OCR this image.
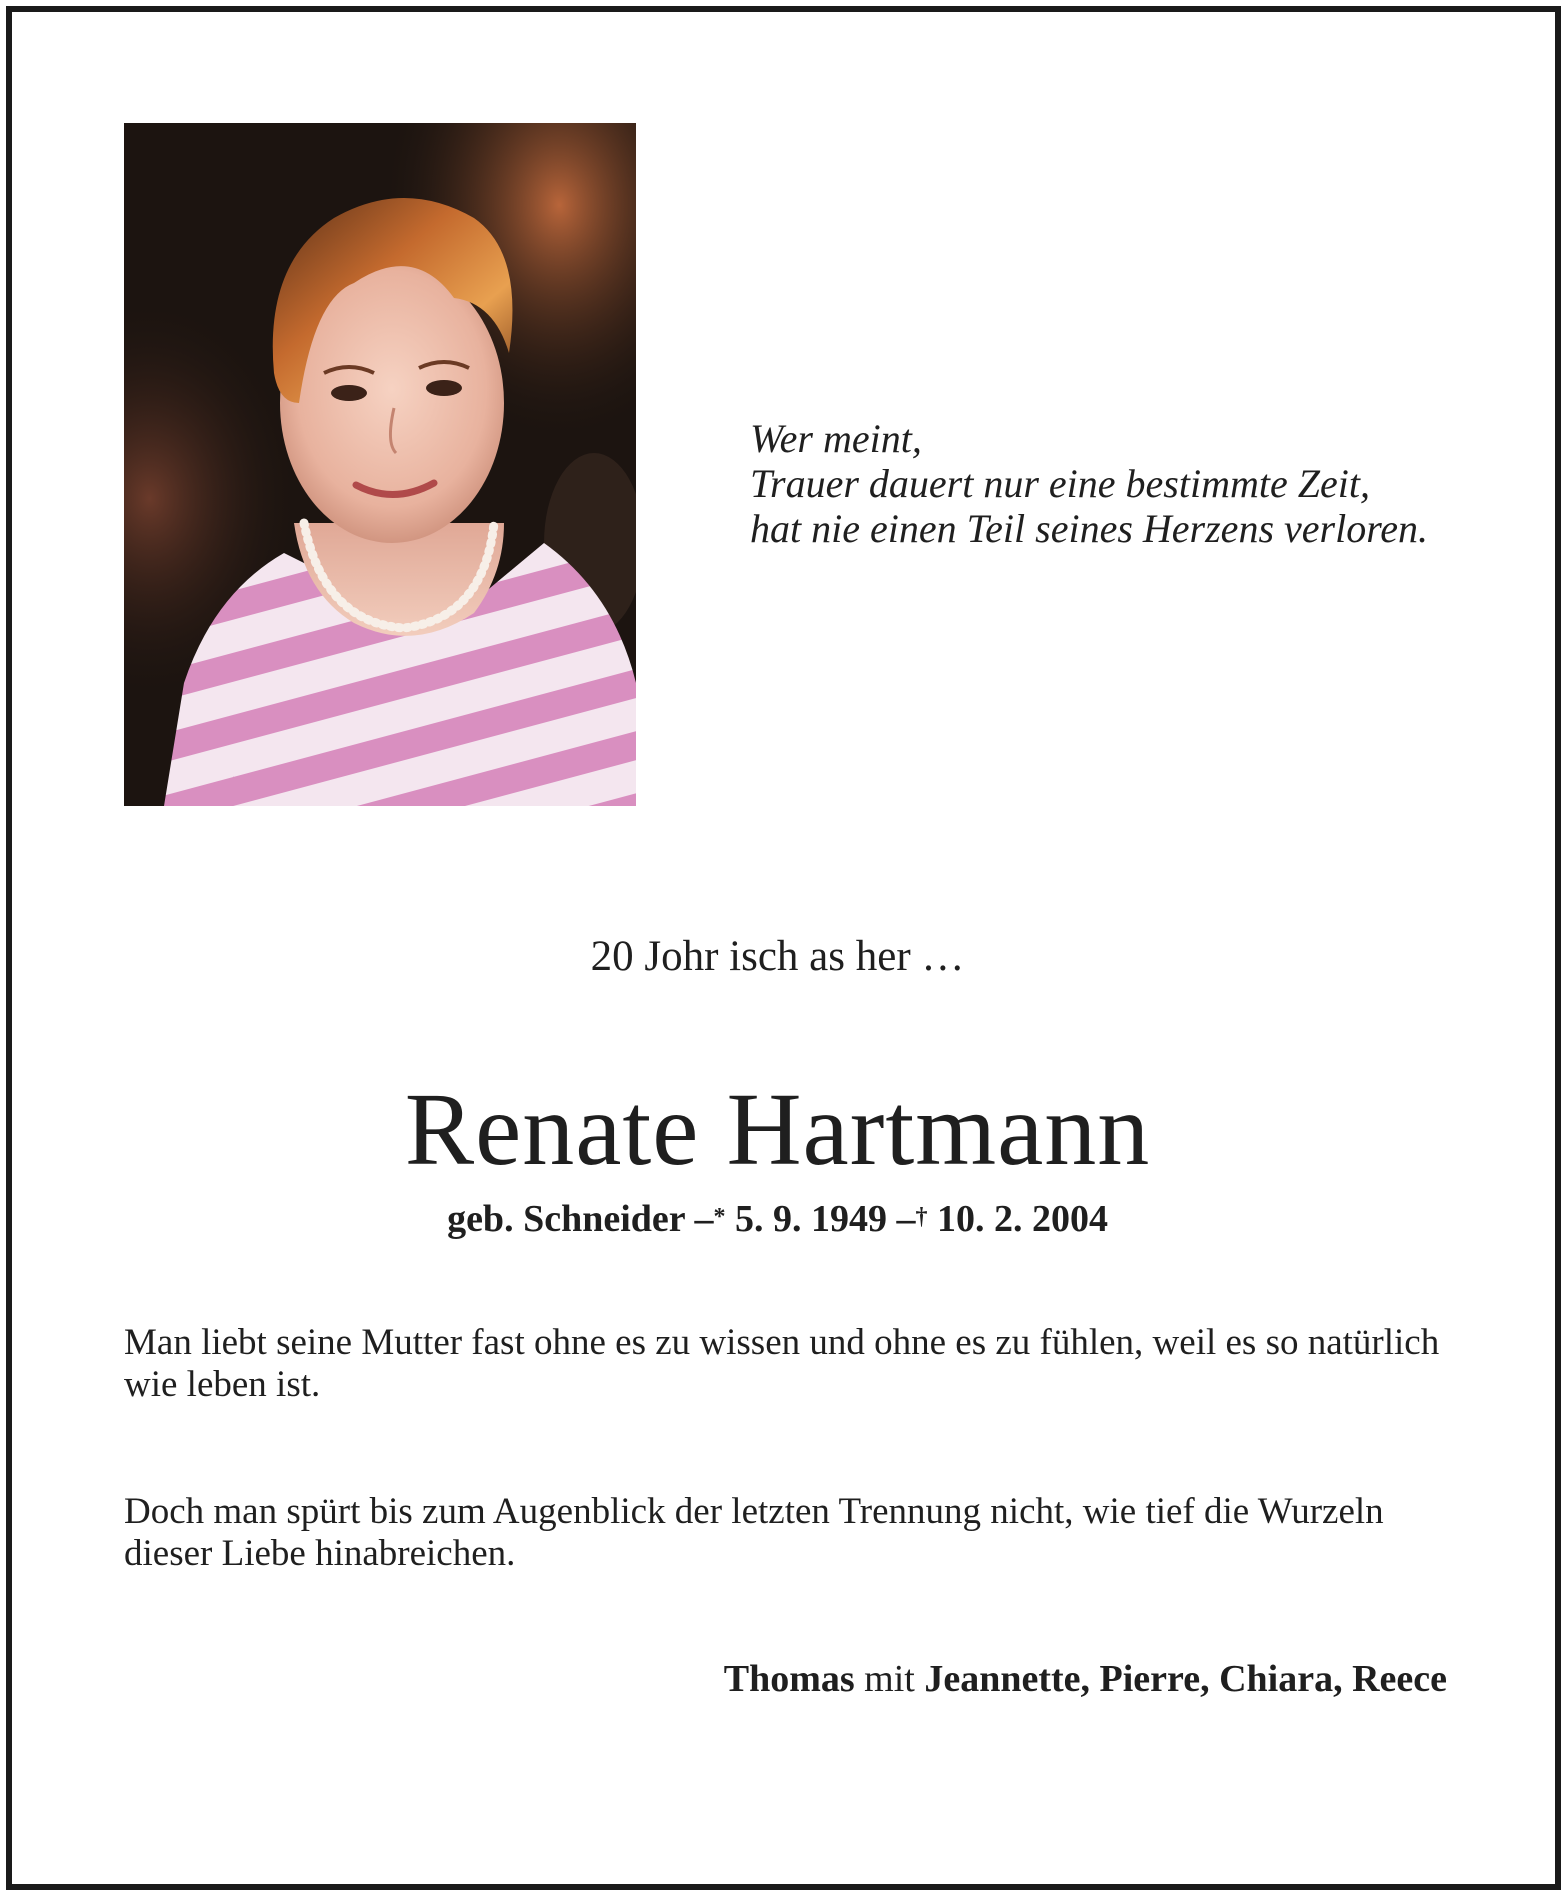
Wer meint,
Trauer dauert nur eine bestimmte Zeit,
hat nie einen Teil seines Herzens verloren.
20 Johr isch as her …
Renate Hartmann
geb. Schneider –* 5. 9. 1949 –† 10. 2. 2004
Man liebt seine Mutter fast ohne es zu wissen und ohne es zu fühlen, weil es so natürlich wie leben ist.
Doch man spürt bis zum Augenblick der letzten Trennung nicht, wie tief die Wurzeln dieser Liebe hinabreichen.
Thomas mit Jeannette, Pierre, Chiara, Reece
